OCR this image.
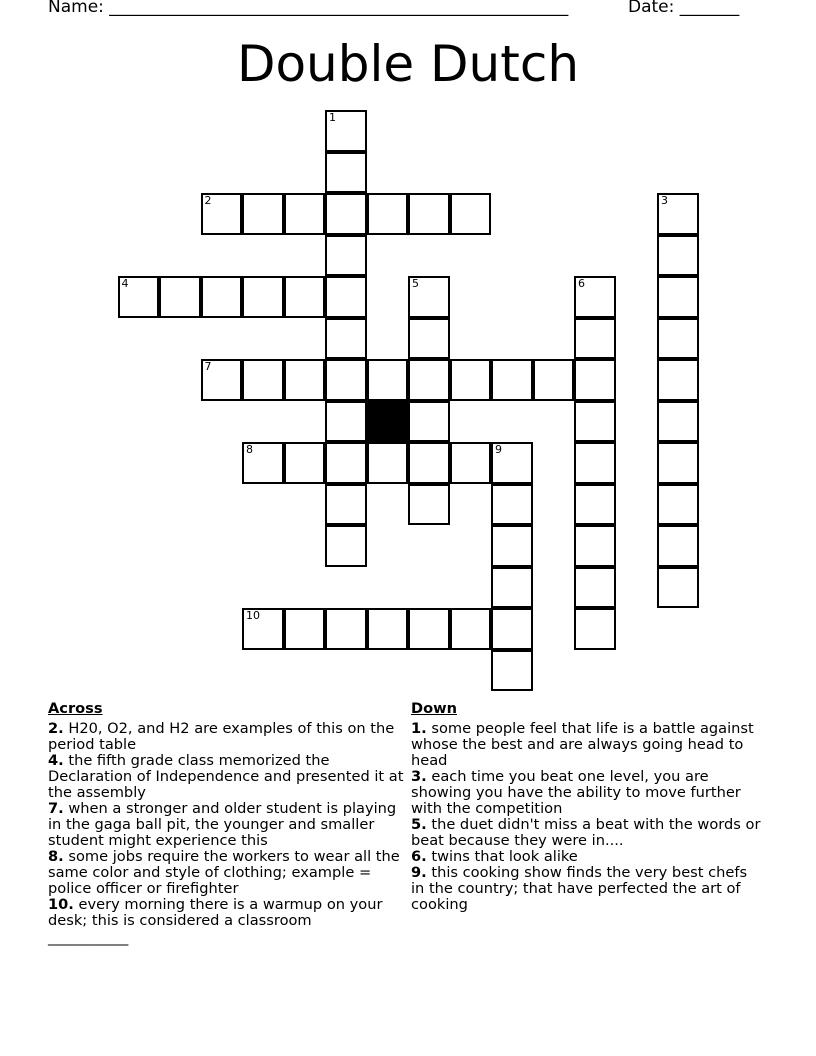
Name: ______________________________________________________	Date: _______
Double Dutch
1
2	3
4	5	6
7
8	9
10
Across

2. H20, O2, and H2 are examples of this on the period table

4. the fifth grade class memorized the Declaration of Independence and presented it at the assembly

7. when a stronger and older student is playing in the gaga ball pit, the younger and smaller student might experience this

8. some jobs require the workers to wear all the same color and style of clothing; example = police officer or firefighter

10. every morning there is a warmup on your desk; this is considered a classroom

___________
Down

1. some people feel that life is a battle against whose the best and are always going head to head

3. each time you beat one level, you are showing you have the ability to move further with the competition

5. the duet didn't miss a beat with the words or beat because they were in....

6. twins that look alike

9. this cooking show finds the very best chefs in the country; that have perfected the art of cooking
